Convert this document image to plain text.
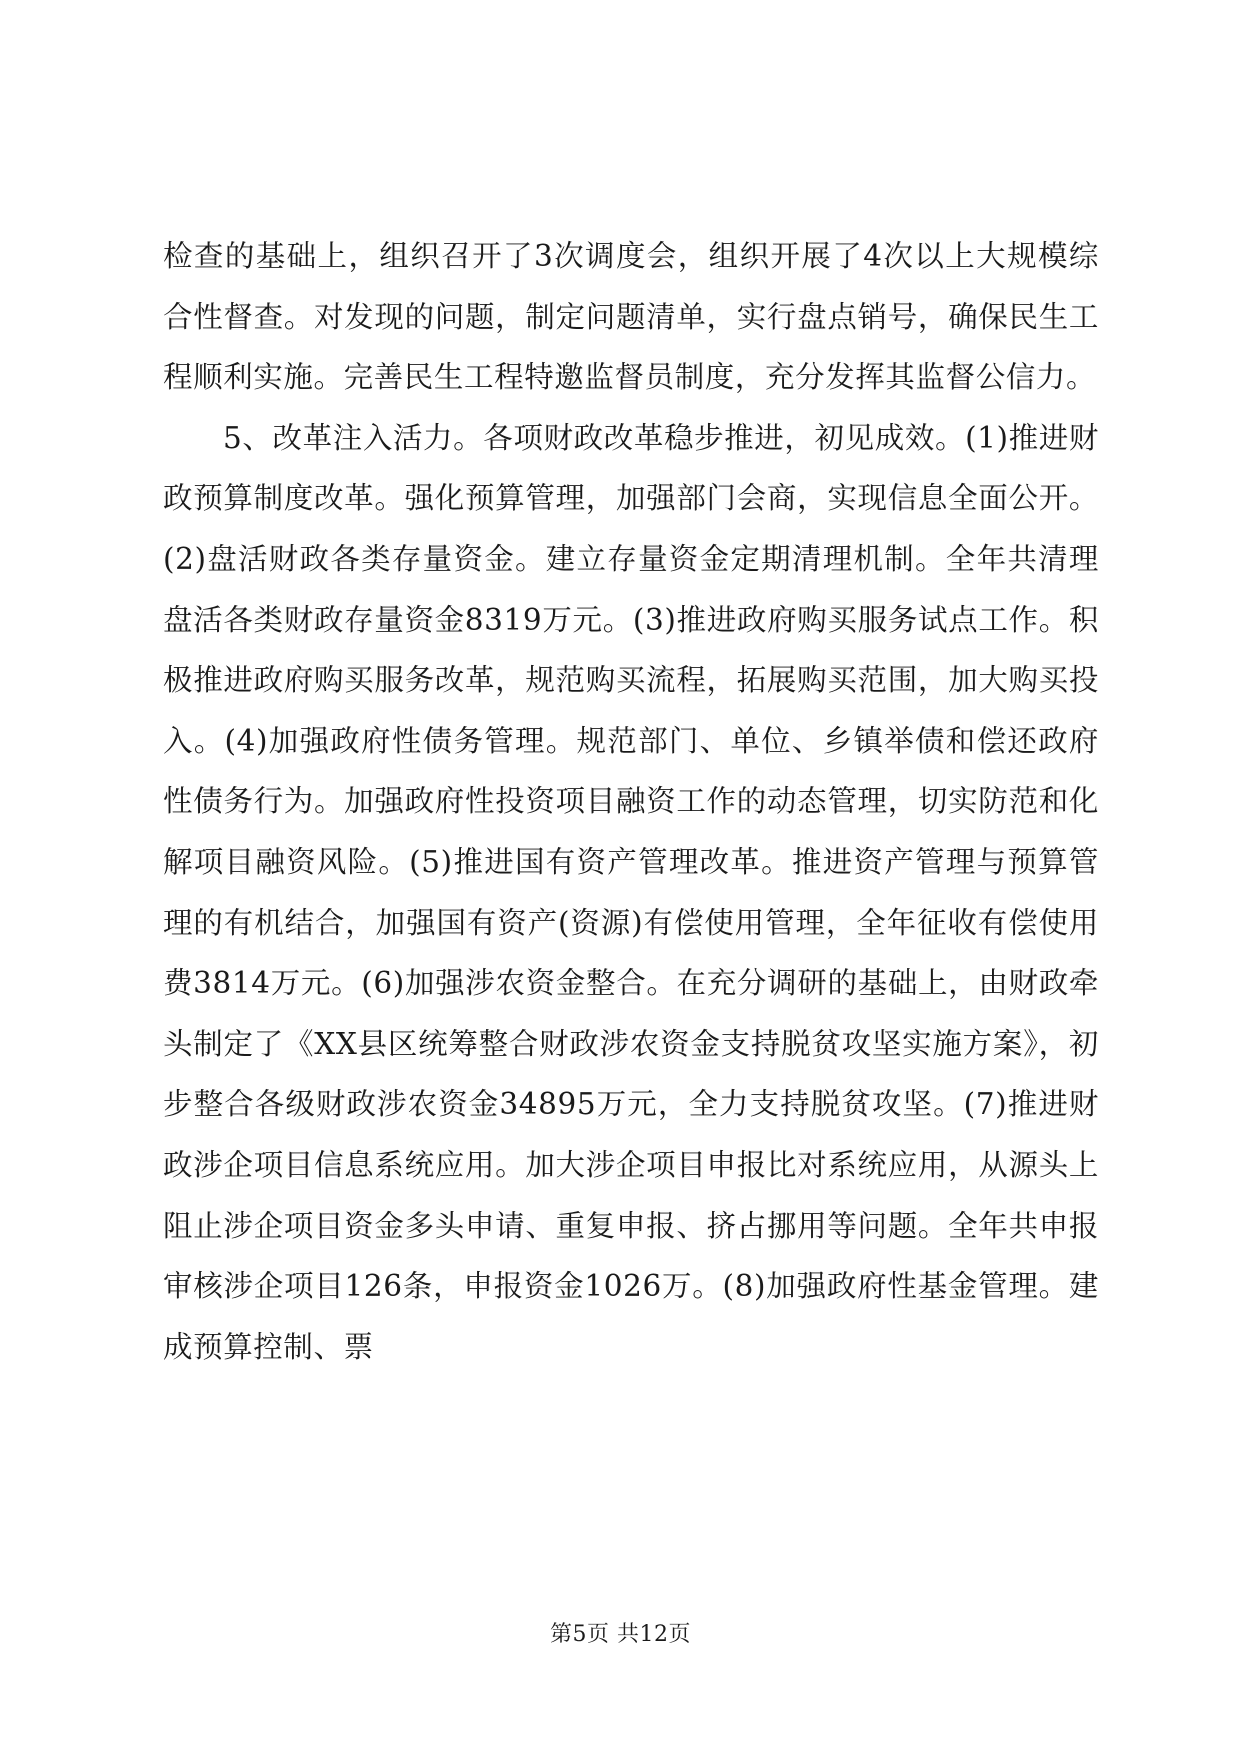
检查的基础上，组织召开了3次调度会，组织开展了4次以上大规模综合性督查。对发现的问题，制定问题清单，实行盘点销号，确保民生工程顺利实施。完善民生工程特邀监督员制度，充分发挥其监督公信力。

5、改革注入活力。各项财政改革稳步推进，初见成效。(1)推进财政预算制度改革。强化预算管理，加强部门会商，实现信息全面公开。(2)盘活财政各类存量资金。建立存量资金定期清理机制。全年共清理盘活各类财政存量资金8319万元。(3)推进政府购买服务试点工作。积极推进政府购买服务改革，规范购买流程，拓展购买范围，加大购买投入。(4)加强政府性债务管理。规范部门、单位、乡镇举债和偿还政府性债务行为。加强政府性投资项目融资工作的动态管理，切实防范和化解项目融资风险。(5)推进国有资产管理改革。推进资产管理与预算管理的有机结合，加强国有资产(资源)有偿使用管理，全年征收有偿使用费3814万元。(6)加强涉农资金整合。在充分调研的基础上，由财政牵头制定了《XX县区统筹整合财政涉农资金支持脱贫攻坚实施方案》，初步整合各级财政涉农资金34895万元，全力支持脱贫攻坚。(7)推进财政涉企项目信息系统应用。加大涉企项目申报比对系统应用，从源头上阻止涉企项目资金多头申请、重复申报、挤占挪用等问题。全年共申报审核涉企项目126条，申报资金1026万。(8)加强政府性基金管理。建成预算控制、票

第5页 共12页
